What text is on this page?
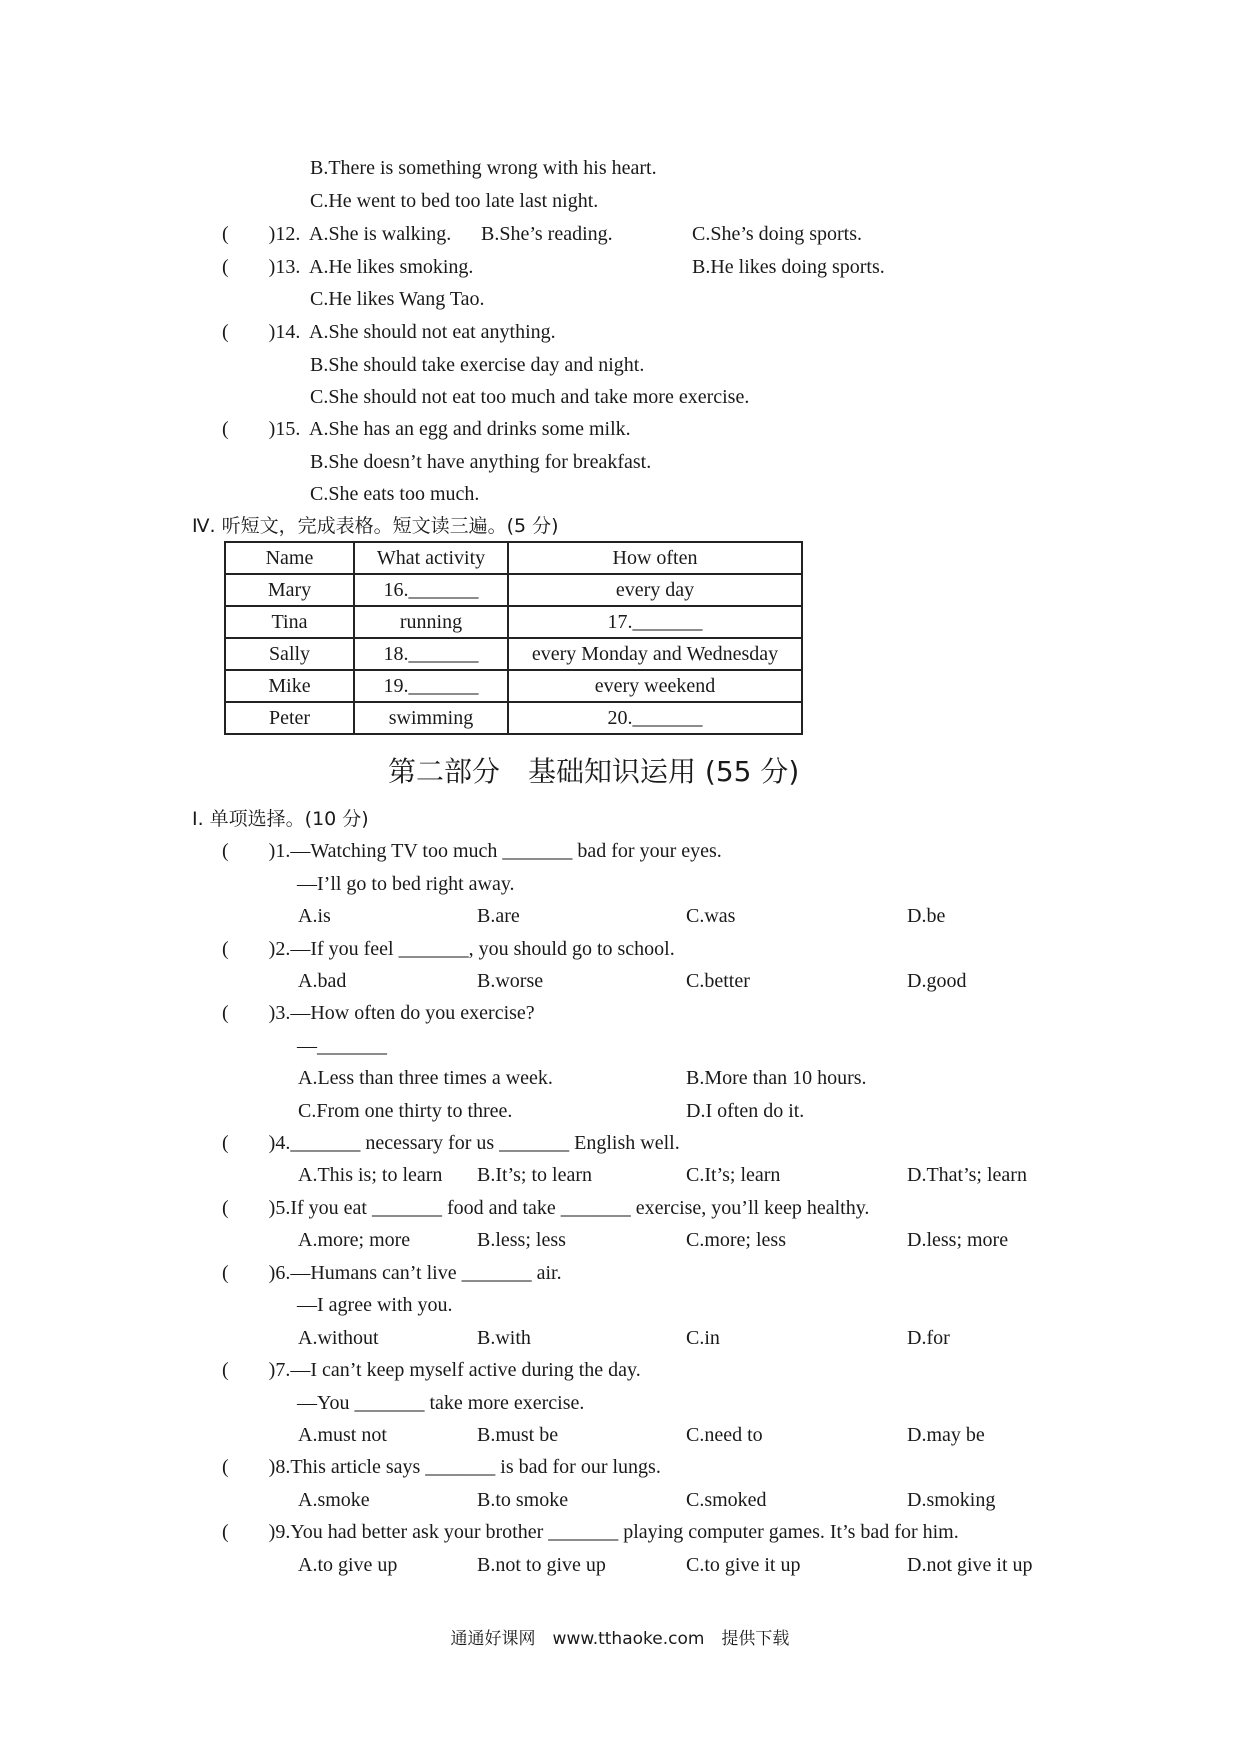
B.There is something wrong with his heart.
C.He went to bed too late last night.
(        )12. A.She is walking. B.She’s reading.	C.She’s doing sports.
(        )13. A.He likes smoking.	B.He likes doing sports.
C.He likes Wang Tao.
(        )14. A.She should not eat anything.
B.She should take exercise day and night.
C.She should not eat too much and take more exercise.
(        )15. A.She has an egg and drinks some milk.
B.She doesn’t have anything for breakfast.
C.She eats too much.
Ⅳ. 听短文，完成表格。短文读三遍。(5 分)
Name	What activity	How often
Mary	16._______	every day
Tina	running	17._______
Sally	18._______	every Monday and Wednesday
Mike	19._______	every weekend
Peter	swimming	20._______
第二部分　基础知识运用 (55 分)
Ⅰ. 单项选择。(10 分)
(        )1.—Watching TV too much _______ bad for your eyes.
—I’ll go to bed right away.
A.is	B.are	C.was	D.be
(        )2.—If you feel _______, you should go to school.
A.bad	B.worse	C.better	D.good
(        )3.—How often do you exercise?
—_______
A.Less than three times a week.	B.More than 10 hours.
C.From one thirty to three.	D.I often do it.
(        )4._______ necessary for us _______ English well.
A.This is; to learn B.It’s; to learn	C.It’s; learn	D.That’s; learn
(        )5.If you eat _______ food and take _______ exercise, you’ll keep healthy.
A.more; more	B.less; less	C.more; less	D.less; more
(        )6.—Humans can’t live _______ air.
—I agree with you.
A.without	B.with	C.in	D.for
(        )7.—I can’t keep myself active during the day.
—You _______ take more exercise.
A.must not	B.must be	C.need to	D.may be
(        )8.This article says _______ is bad for our lungs.
A.smoke	B.to smoke	C.smoked	D.smoking
(        )9.You had better ask your brother _______ playing computer games. It’s bad for him.
A.to give up	B.not to give up	C.to give it up	D.not give it up
通通好课网　www.tthaoke.com　提供下载
